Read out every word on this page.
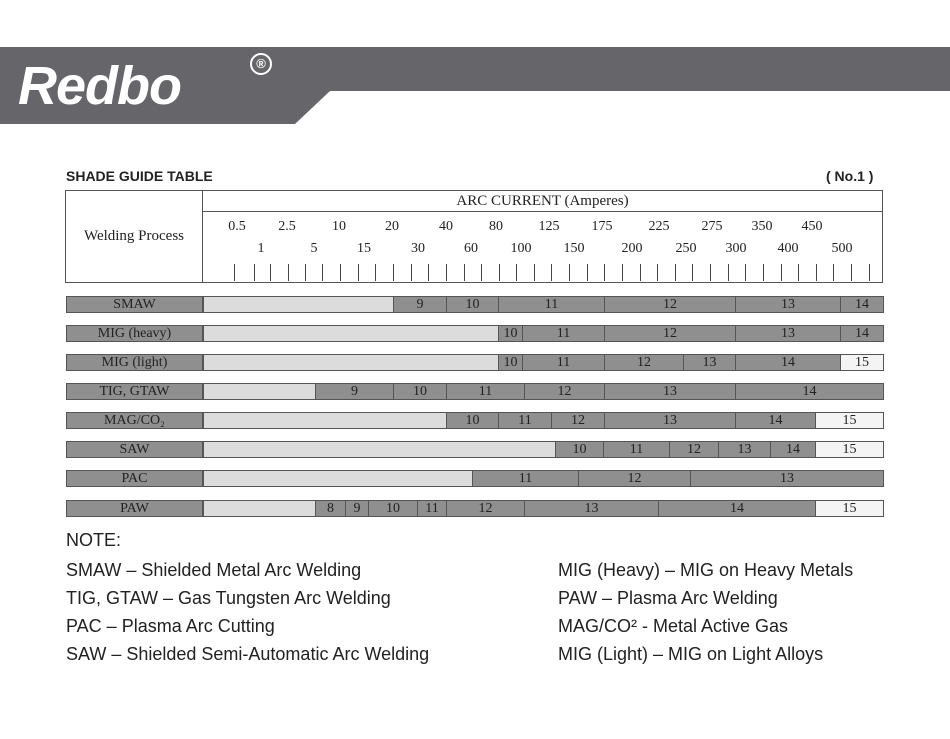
Redbo	®
SHADE GUIDE TABLE	( No.1 )
Welding Process
ARC CURRENT (Amperes)
0.5 2.5	10	20	40	80	125 175	225 275 350 450
1	5	15	30	60 100 150	200 250 300 400 500
SMAW	9	10	11	12	13	14
MIG (heavy)	10	11	12	13	14
MIG (light)	10	11	12	13	14	15
TIG, GTAW	9	10	11	12	13	14
MAG/CO₂	10	11	12	13	14	15
SAW	10	11	12	13	14	15
PAC	11	12	13
PAW	8	9	10	11	12	13	14	15
NOTE:
SMAW – Shielded Metal Arc Welding
TIG, GTAW – Gas Tungsten Arc Welding
PAC – Plasma Arc Cutting
SAW – Shielded Semi-Automatic Arc Welding
MIG (Heavy) – MIG on Heavy Metals
PAW – Plasma Arc Welding
MAG/CO² - Metal Active Gas
MIG (Light) – MIG on Light Alloys
